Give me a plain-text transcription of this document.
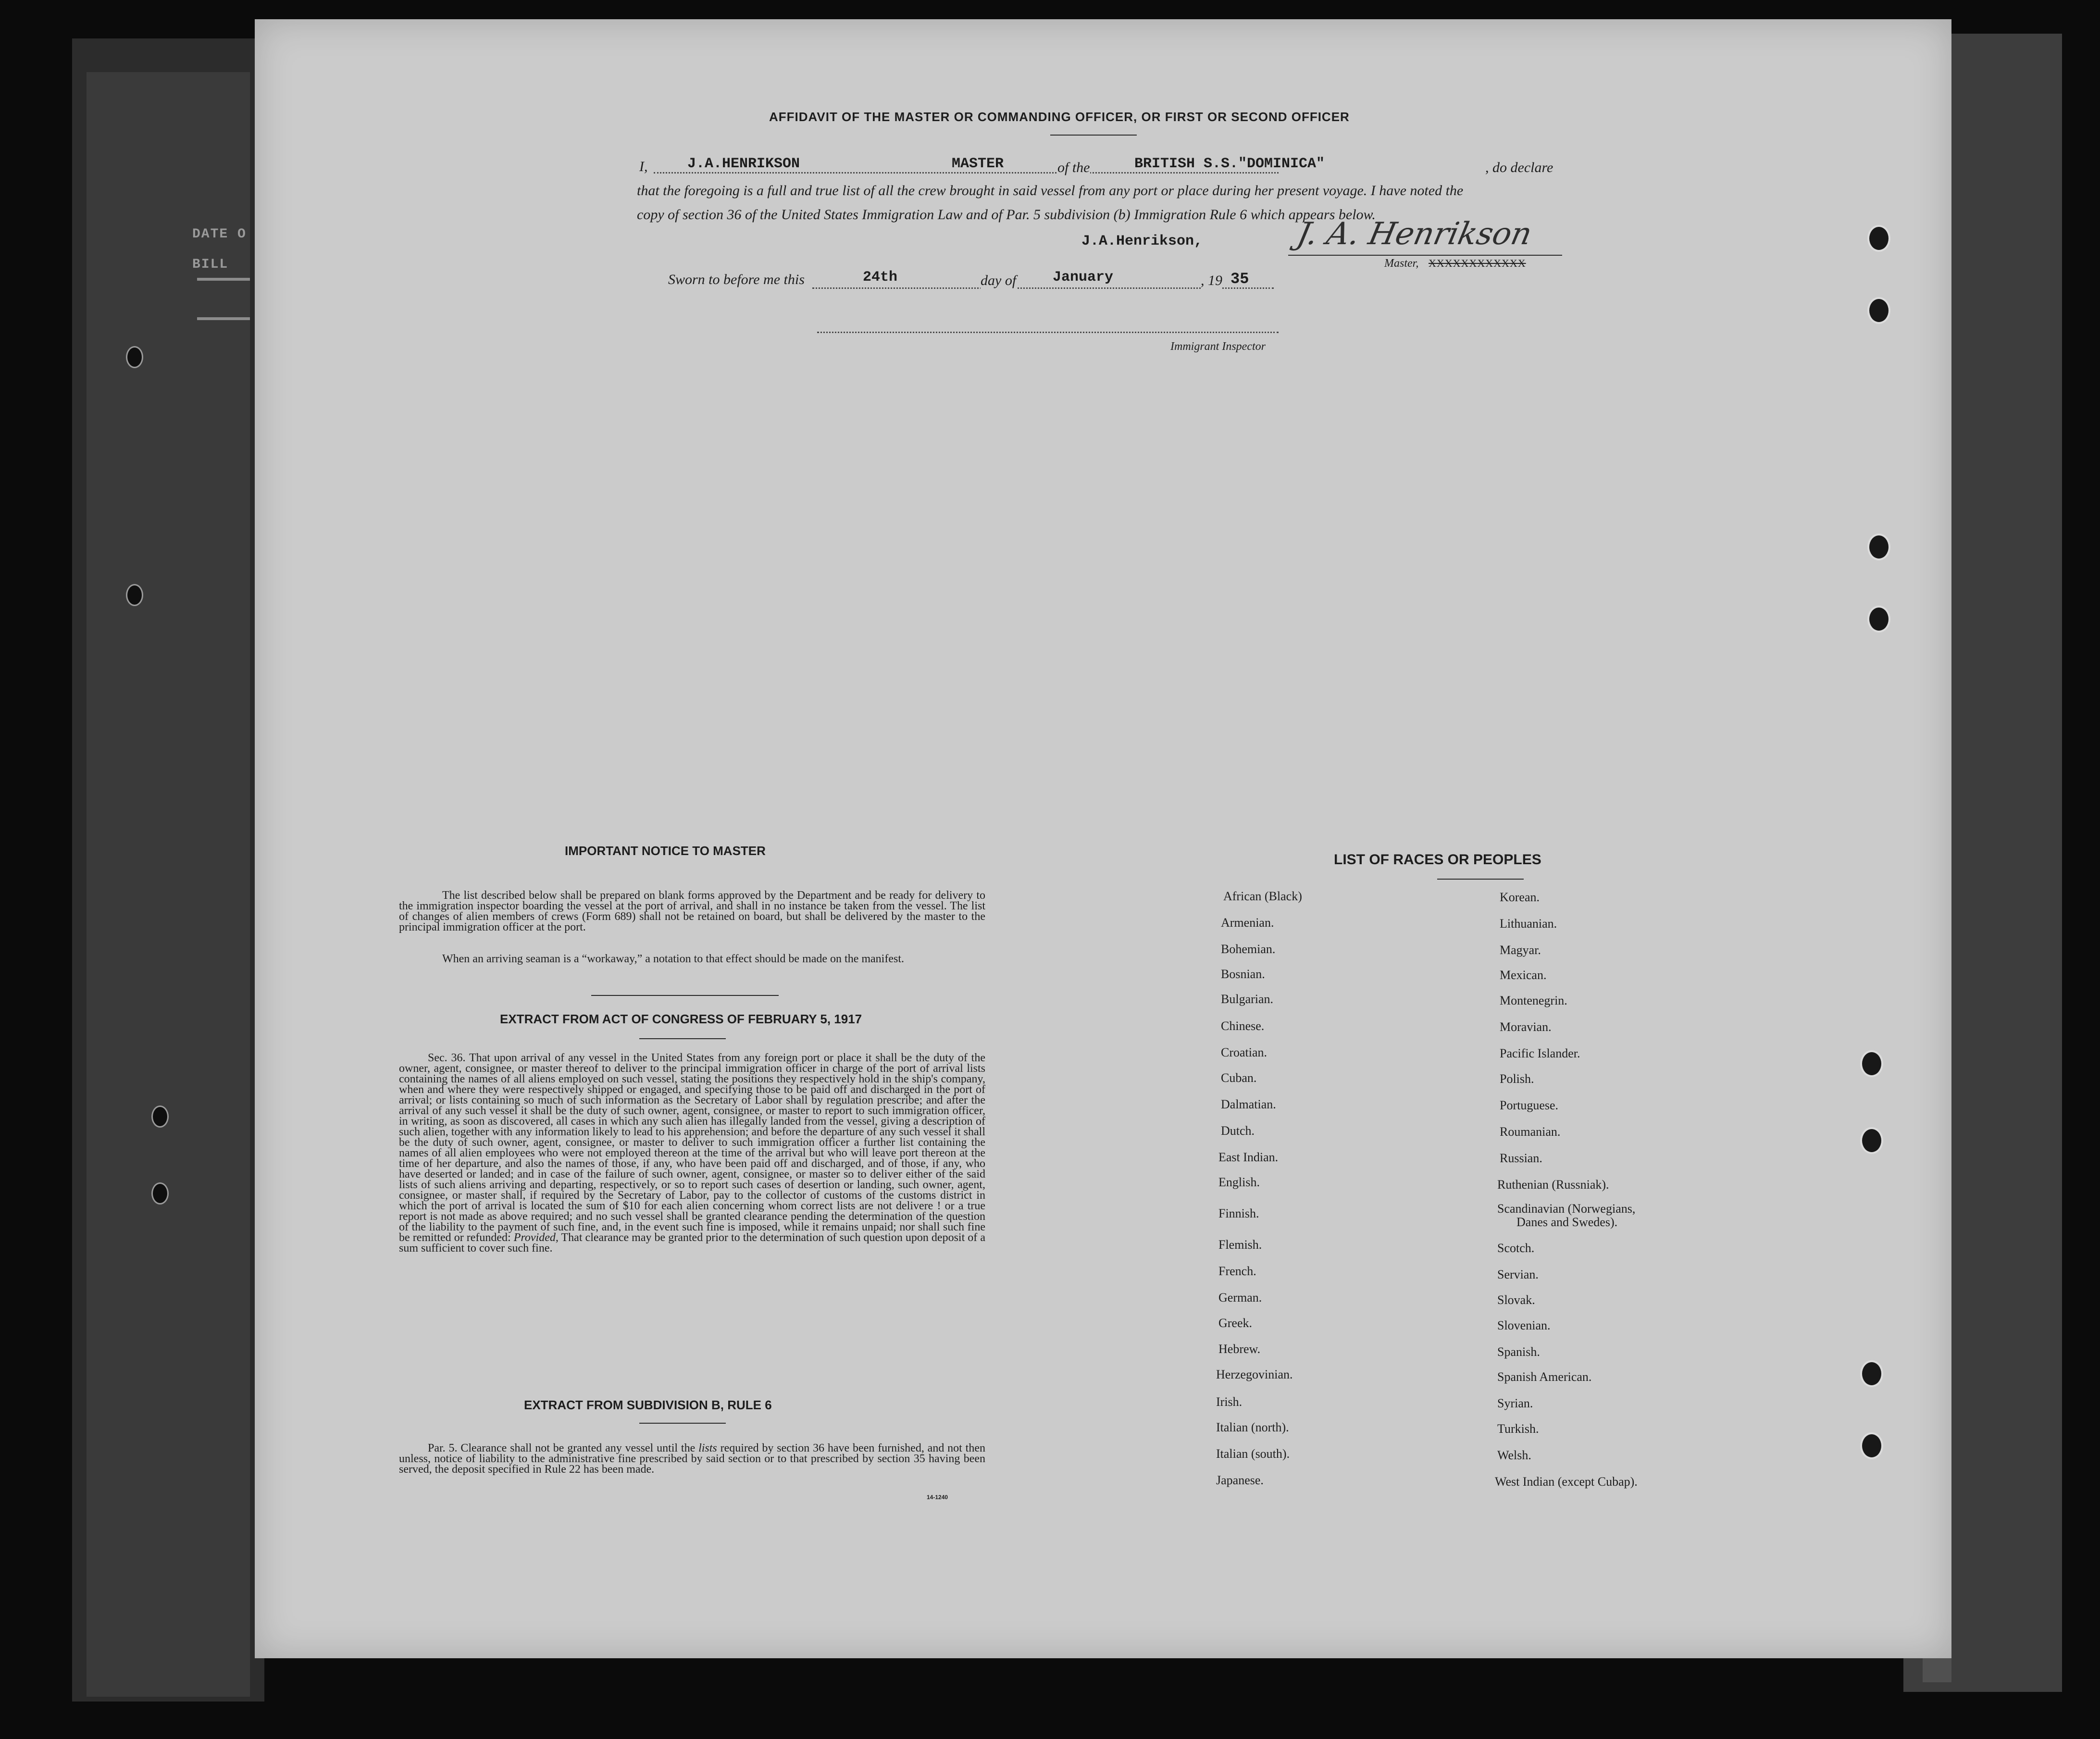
DATE O
BILL
AFFIDAVIT OF THE MASTER OR COMMANDING OFFICER, OR FIRST OR SECOND OFFICER
I,	J.A.HENRIKSON	MASTER	of the	BRITISH S.S."DOMINICA"	, do declare
that the foregoing is a full and true list of all the crew brought in said vessel from any port or place during her present voyage. I have noted the
copy of section 36 of the United States Immigration Law and of Par. 5 subdivision (b) Immigration Rule 6 which appears below.
J.A.Henrikson,	J. A. Henrikson
Master, XXXXXXXXXXXX
Sworn to before me this	24th	day of	January	, 19 35
Immigrant Inspector
IMPORTANT NOTICE TO MASTER
The list described below shall be prepared on blank forms approved by the Department and be ready for delivery to the immigration inspector boarding the vessel at the port of arrival, and shall in no instance be taken from the vessel. The list of changes of alien members of crews (Form 689) shall not be retained on board, but shall be delivered by the master to the principal immigration officer at the port.
When an arriving seaman is a “workaway,” a notation to that effect should be made on the manifest.
EXTRACT FROM ACT OF CONGRESS OF FEBRUARY 5, 1917
Sec. 36. That upon arrival of any vessel in the United States from any foreign port or place it shall be the duty of the owner, agent, consignee, or master thereof to deliver to the principal immigration officer in charge of the port of arrival lists containing the names of all aliens employed on such vessel, stating the positions they respectively hold in the ship's company, when and where they were respectively shipped or engaged, and specifying those to be paid off and discharged in the port of arrival; or lists containing so much of such information as the Secretary of Labor shall by regulation prescribe; and after the arrival of any such vessel it shall be the duty of such owner, agent, consignee, or master to report to such immigration officer, in writing, as soon as discovered, all cases in which any such alien has illegally landed from the vessel, giving a description of such alien, together with any information likely to lead to his apprehension; and before the departure of any such vessel it shall be the duty of such owner, agent, consignee, or master to deliver to such immigration officer a further list containing the names of all alien employees who were not employed thereon at the time of the arrival but who will leave port thereon at the time of her departure, and also the names of those, if any, who have been paid off and discharged, and of those, if any, who have deserted or landed; and in case of the failure of such owner, agent, consignee, or master so to deliver either of the said lists of such aliens arriving and departing, respectively, or so to report such cases of desertion or landing, such owner, agent, consignee, or master shall, if required by the Secretary of Labor, pay to the collector of customs of the customs district in which the port of arrival is located the sum of $10 for each alien concerning whom correct lists are not delivere ! or a true report is not made as above required; and no such vessel shall be granted clearance pending the determination of the question of the liability to the payment of such fine, and, in the event such fine is imposed, while it remains unpaid; nor shall such fine be remitted or refunded: Provided, That clearance may be granted prior to the determination of such question upon deposit of a sum sufficient to cover such fine.
EXTRACT FROM SUBDIVISION B, RULE 6
Par. 5. Clearance shall not be granted any vessel until the lists required by section 36 have been furnished, and not then unless, notice of liability to the administrative fine prescribed by said section or to that prescribed by section 35 having been served, the deposit specified in Rule 22 has been made.
14-1240
LIST OF RACES OR PEOPLES
African (Black)
Armenian.
Bohemian.
Bosnian.
Bulgarian.
Chinese.
Croatian.
Cuban.
Dalmatian.
Dutch.
East Indian.
English.
Finnish.
Flemish.
French.
German.
Greek.
Hebrew.
Herzegovinian.
Irish.
Italian (north).
Italian (south).
Japanese.
Korean.
Lithuanian.
Magyar.
Mexican.
Montenegrin.
Moravian.
Pacific Islander.
Polish.
Portuguese.
Roumanian.
Russian.
Ruthenian (Russniak).
Scandinavian (Norwegians,
Danes and Swedes).
Scotch.
Servian.
Slovak.
Slovenian.
Spanish.
Spanish American.
Syrian.
Turkish.
Welsh.
West Indian (except Cubap).
